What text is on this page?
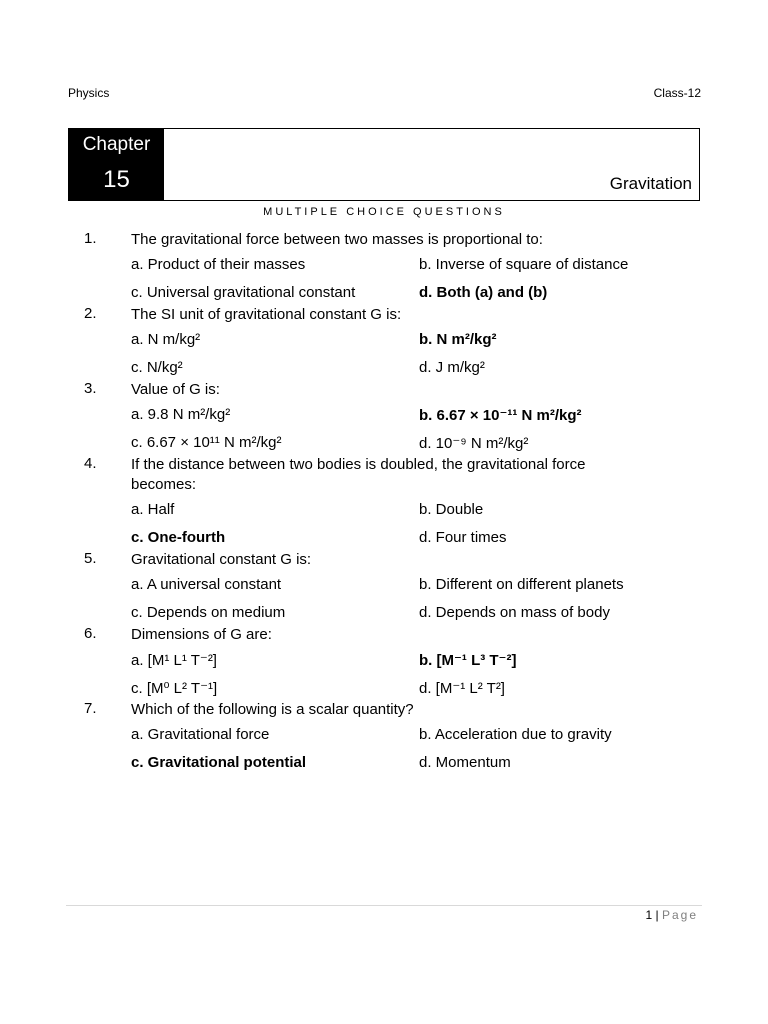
Physics	Class-12
Chapter
15	Gravitation
MULTIPLE CHOICE QUESTIONS
1. The gravitational force between two masses is proportional to:
a. Product of their masses	b. Inverse of square of distance
c. Universal gravitational constant	d. Both (a) and (b)
2. The SI unit of gravitational constant G is:
a. N m/kg²	b. N m²/kg²
c. N/kg²	d. J m/kg²
3. Value of G is:
a. 9.8 N m²/kg²	b. 6.67 × 10⁻¹¹ N m²/kg²
c. 6.67 × 10¹¹ N m²/kg²	d. 10⁻⁹ N m²/kg²
4. If the distance between two bodies is doubled, the gravitational force becomes:
a. Half	b. Double
c. One-fourth	d. Four times
5. Gravitational constant G is:
a. A universal constant	b. Different on different planets
c. Depends on medium	d. Depends on mass of body
6. Dimensions of G are:
a. [M¹ L¹ T⁻²]	b. [M⁻¹ L³ T⁻²]
c. [M⁰ L² T⁻¹]	d. [M⁻¹ L² T²]
7. Which of the following is a scalar quantity?
a. Gravitational force	b. Acceleration due to gravity
c. Gravitational potential	d. Momentum
1 | Page
